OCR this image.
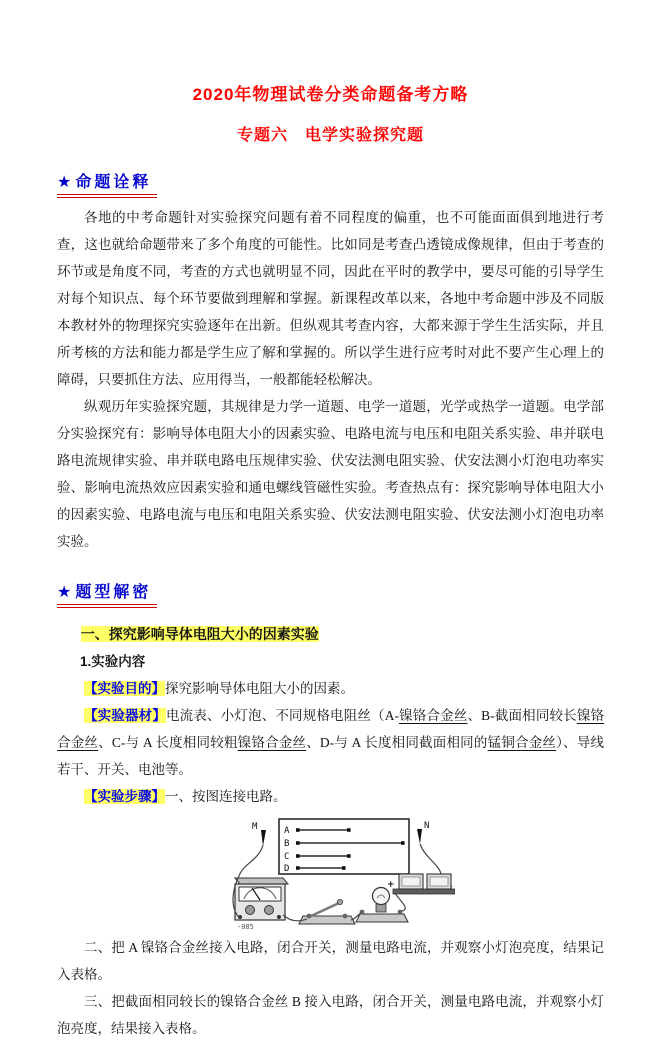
2020年物理试卷分类命题备考方略

专题六　电学实验探究题

★ 命题诠释

各地的中考命题针对实验探究问题有着不同程度的偏重，也不可能面面俱到地进行考查，这也就给命题带来了多个角度的可能性。比如同是考查凸透镜成像规律，但由于考查的环节或是角度不同，考查的方式也就明显不同，因此在平时的教学中，要尽可能的引导学生对每个知识点、每个环节要做到理解和掌握。新课程改革以来，各地中考命题中涉及不同版本教材外的物理探究实验逐年在出新。但纵观其考查内容，大都来源于学生生活实际，并且所考核的方法和能力都是学生应了解和掌握的。所以学生进行应考时对此不要产生心理上的障碍，只要抓住方法、应用得当，一般都能轻松解决。

纵观历年实验探究题，其规律是力学一道题、电学一道题，光学或热学一道题。电学部分实验探究有：影响导体电阻大小的因素实验、电路电流与电压和电阻关系实验、串并联电路电流规律实验、串并联电路电压规律实验、伏安法测电阻实验、伏安法测小灯泡电功率实验、影响电流热效应因素实验和通电螺线管磁性实验。考查热点有：探究影响导体电阻大小的因素实验、电路电流与电压和电阻关系实验、伏安法测电阻实验、伏安法测小灯泡电功率实验。

★ 题型解密

一、探究影响导体电阻大小的因素实验

1.实验内容

【实验目的】探究影响导体电阻大小的因素。

【实验器材】电流表、小灯泡、不同规格电阻丝（A-镍铬合金丝、B-截面相同较长镍铬合金丝、C-与 A 长度相同较粗镍铬合金丝、D-与 A 长度相同截面相同的锰铜合金丝）、导线若干、开关、电池等。

【实验步骤】一、按图连接电路。

A
B
C
D
M	N
-085
+

二、把 A 镍铬合金丝接入电路，闭合开关，测量电路电流，并观察小灯泡亮度，结果记入表格。

三、把截面相同较长的镍铬合金丝 B 接入电路，闭合开关，测量电路电流，并观察小灯泡亮度，结果接入表格。
